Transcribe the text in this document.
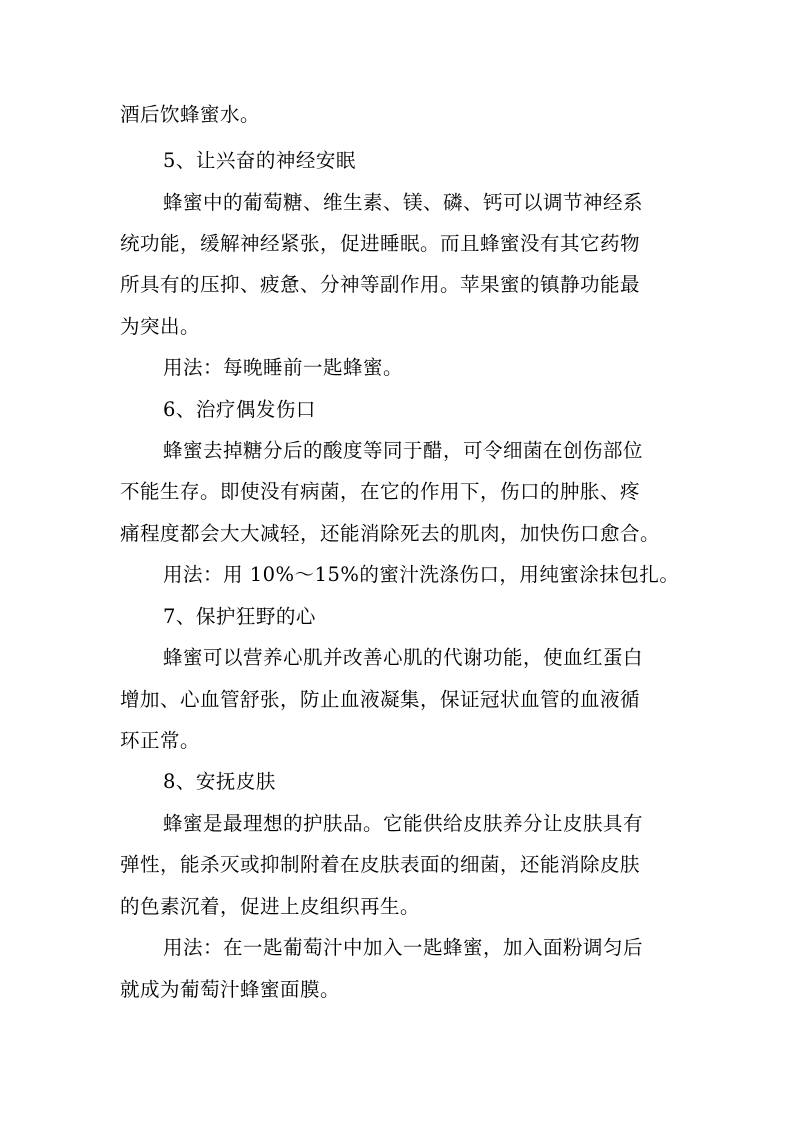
酒后饮蜂蜜水。

5、让兴奋的神经安眠

蜂蜜中的葡萄糖、维生素、镁、磷、钙可以调节神经系

统功能，缓解神经紧张，促进睡眠。而且蜂蜜没有其它药物

所具有的压抑、疲惫、分神等副作用。苹果蜜的镇静功能最

为突出。

用法：每晚睡前一匙蜂蜜。

6、治疗偶发伤口

蜂蜜去掉糖分后的酸度等同于醋，可令细菌在创伤部位

不能生存。即使没有病菌，在它的作用下，伤口的肿胀、疼

痛程度都会大大减轻，还能消除死去的肌肉，加快伤口愈合。

用法：用 10%～15%的蜜汁洗涤伤口，用纯蜜涂抹包扎。

7、保护狂野的心

蜂蜜可以营养心肌并改善心肌的代谢功能，使血红蛋白

增加、心血管舒张，防止血液凝集，保证冠状血管的血液循

环正常。

8、安抚皮肤

蜂蜜是最理想的护肤品。它能供给皮肤养分让皮肤具有

弹性，能杀灭或抑制附着在皮肤表面的细菌，还能消除皮肤

的色素沉着，促进上皮组织再生。

用法：在一匙葡萄汁中加入一匙蜂蜜，加入面粉调匀后

就成为葡萄汁蜂蜜面膜。
